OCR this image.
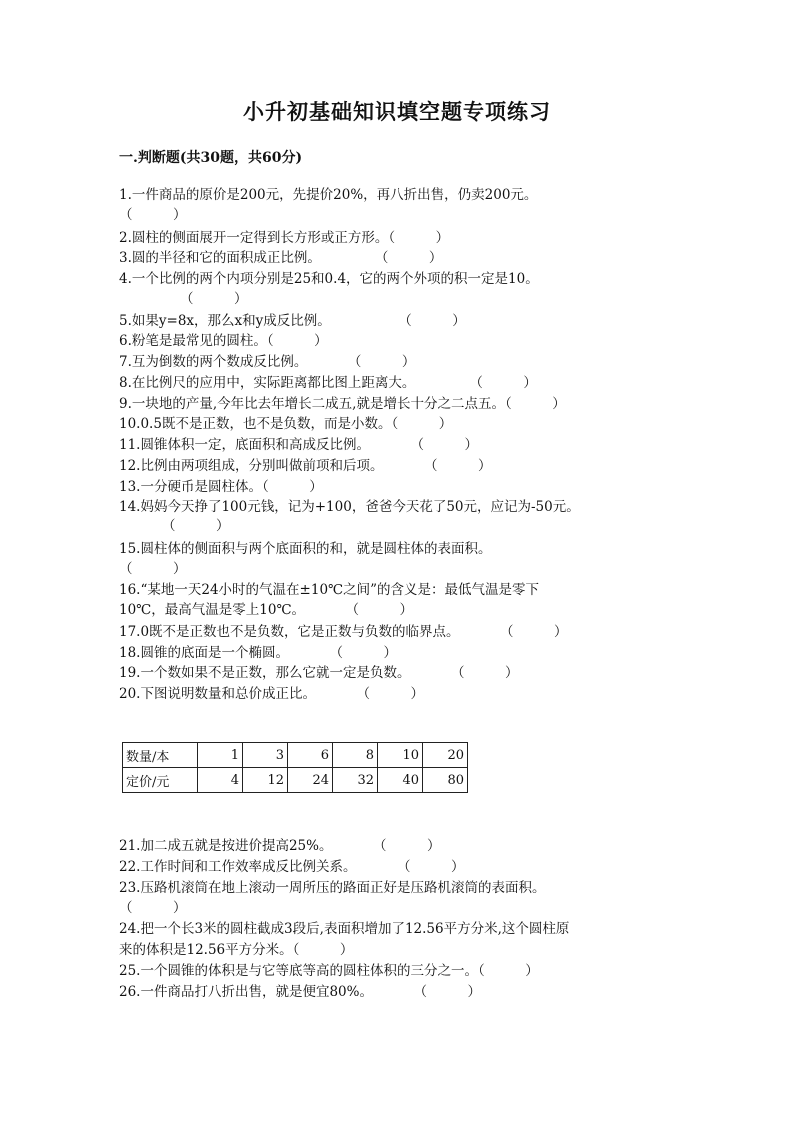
小升初基础知识填空题专项练习
一.判断题(共30题，共60分)
1.一件商品的原价是200元，先提价20%，再八折出售，仍卖200元。
（　　　）
2.圆柱的侧面展开一定得到长方形或正方形。（　　　）
3.圆的半径和它的面积成正比例。　　　　　（　　　）
4.一个比例的两个内项分别是25和0.4，它的两个外项的积一定是10。
（　　　）
5.如果y=8x，那么x和y成反比例。　　　　　　（　　　）
6.粉笔是最常见的圆柱。（　　　）
7.互为倒数的两个数成反比例。　　　　（　　　）
8.在比例尺的应用中，实际距离都比图上距离大。　　　　　（　　　）
9.一块地的产量,今年比去年增长二成五,就是增长十分之二点五。（　　　）
10.0.5既不是正数，也不是负数，而是小数。（　　　）
11.圆锥体积一定，底面积和高成反比例。　　　　（　　　）
12.比例由两项组成，分别叫做前项和后项。　　　　（　　　）
13.一分硬币是圆柱体。（　　　）
14.妈妈今天挣了100元钱，记为+100，爸爸今天花了50元，应记为-50元。
（　　　）
15.圆柱体的侧面积与两个底面积的和，就是圆柱体的表面积。
（　　　）
16.“某地一天24小时的气温在±10℃之间”的含义是：最低气温是零下
10℃，最高气温是零上10℃。　　　　（　　　）
17.0既不是正数也不是负数，它是正数与负数的临界点。　　　　（　　　）
18.圆锥的底面是一个椭圆。　　　　（　　　）
19.一个数如果不是正数，那么它就一定是负数。　　　　（　　　）
20.下图说明数量和总价成正比。　　　　（　　　）
数量/本	1	3	6	8	10	20
定价/元	4	12	24	32	40	80
21.加二成五就是按进价提高25%。　　　　（　　　）
22.工作时间和工作效率成反比例关系。　　　　（　　　）
23.压路机滚筒在地上滚动一周所压的路面正好是压路机滚筒的表面积。
（　　　）
24.把一个长3米的圆柱截成3段后,表面积增加了12.56平方分米,这个圆柱原
来的体积是12.56平方分米。（　　　）
25.一个圆锥的体积是与它等底等高的圆柱体积的三分之一。（　　　）
26.一件商品打八折出售，就是便宜80%。　　　　（　　　）
